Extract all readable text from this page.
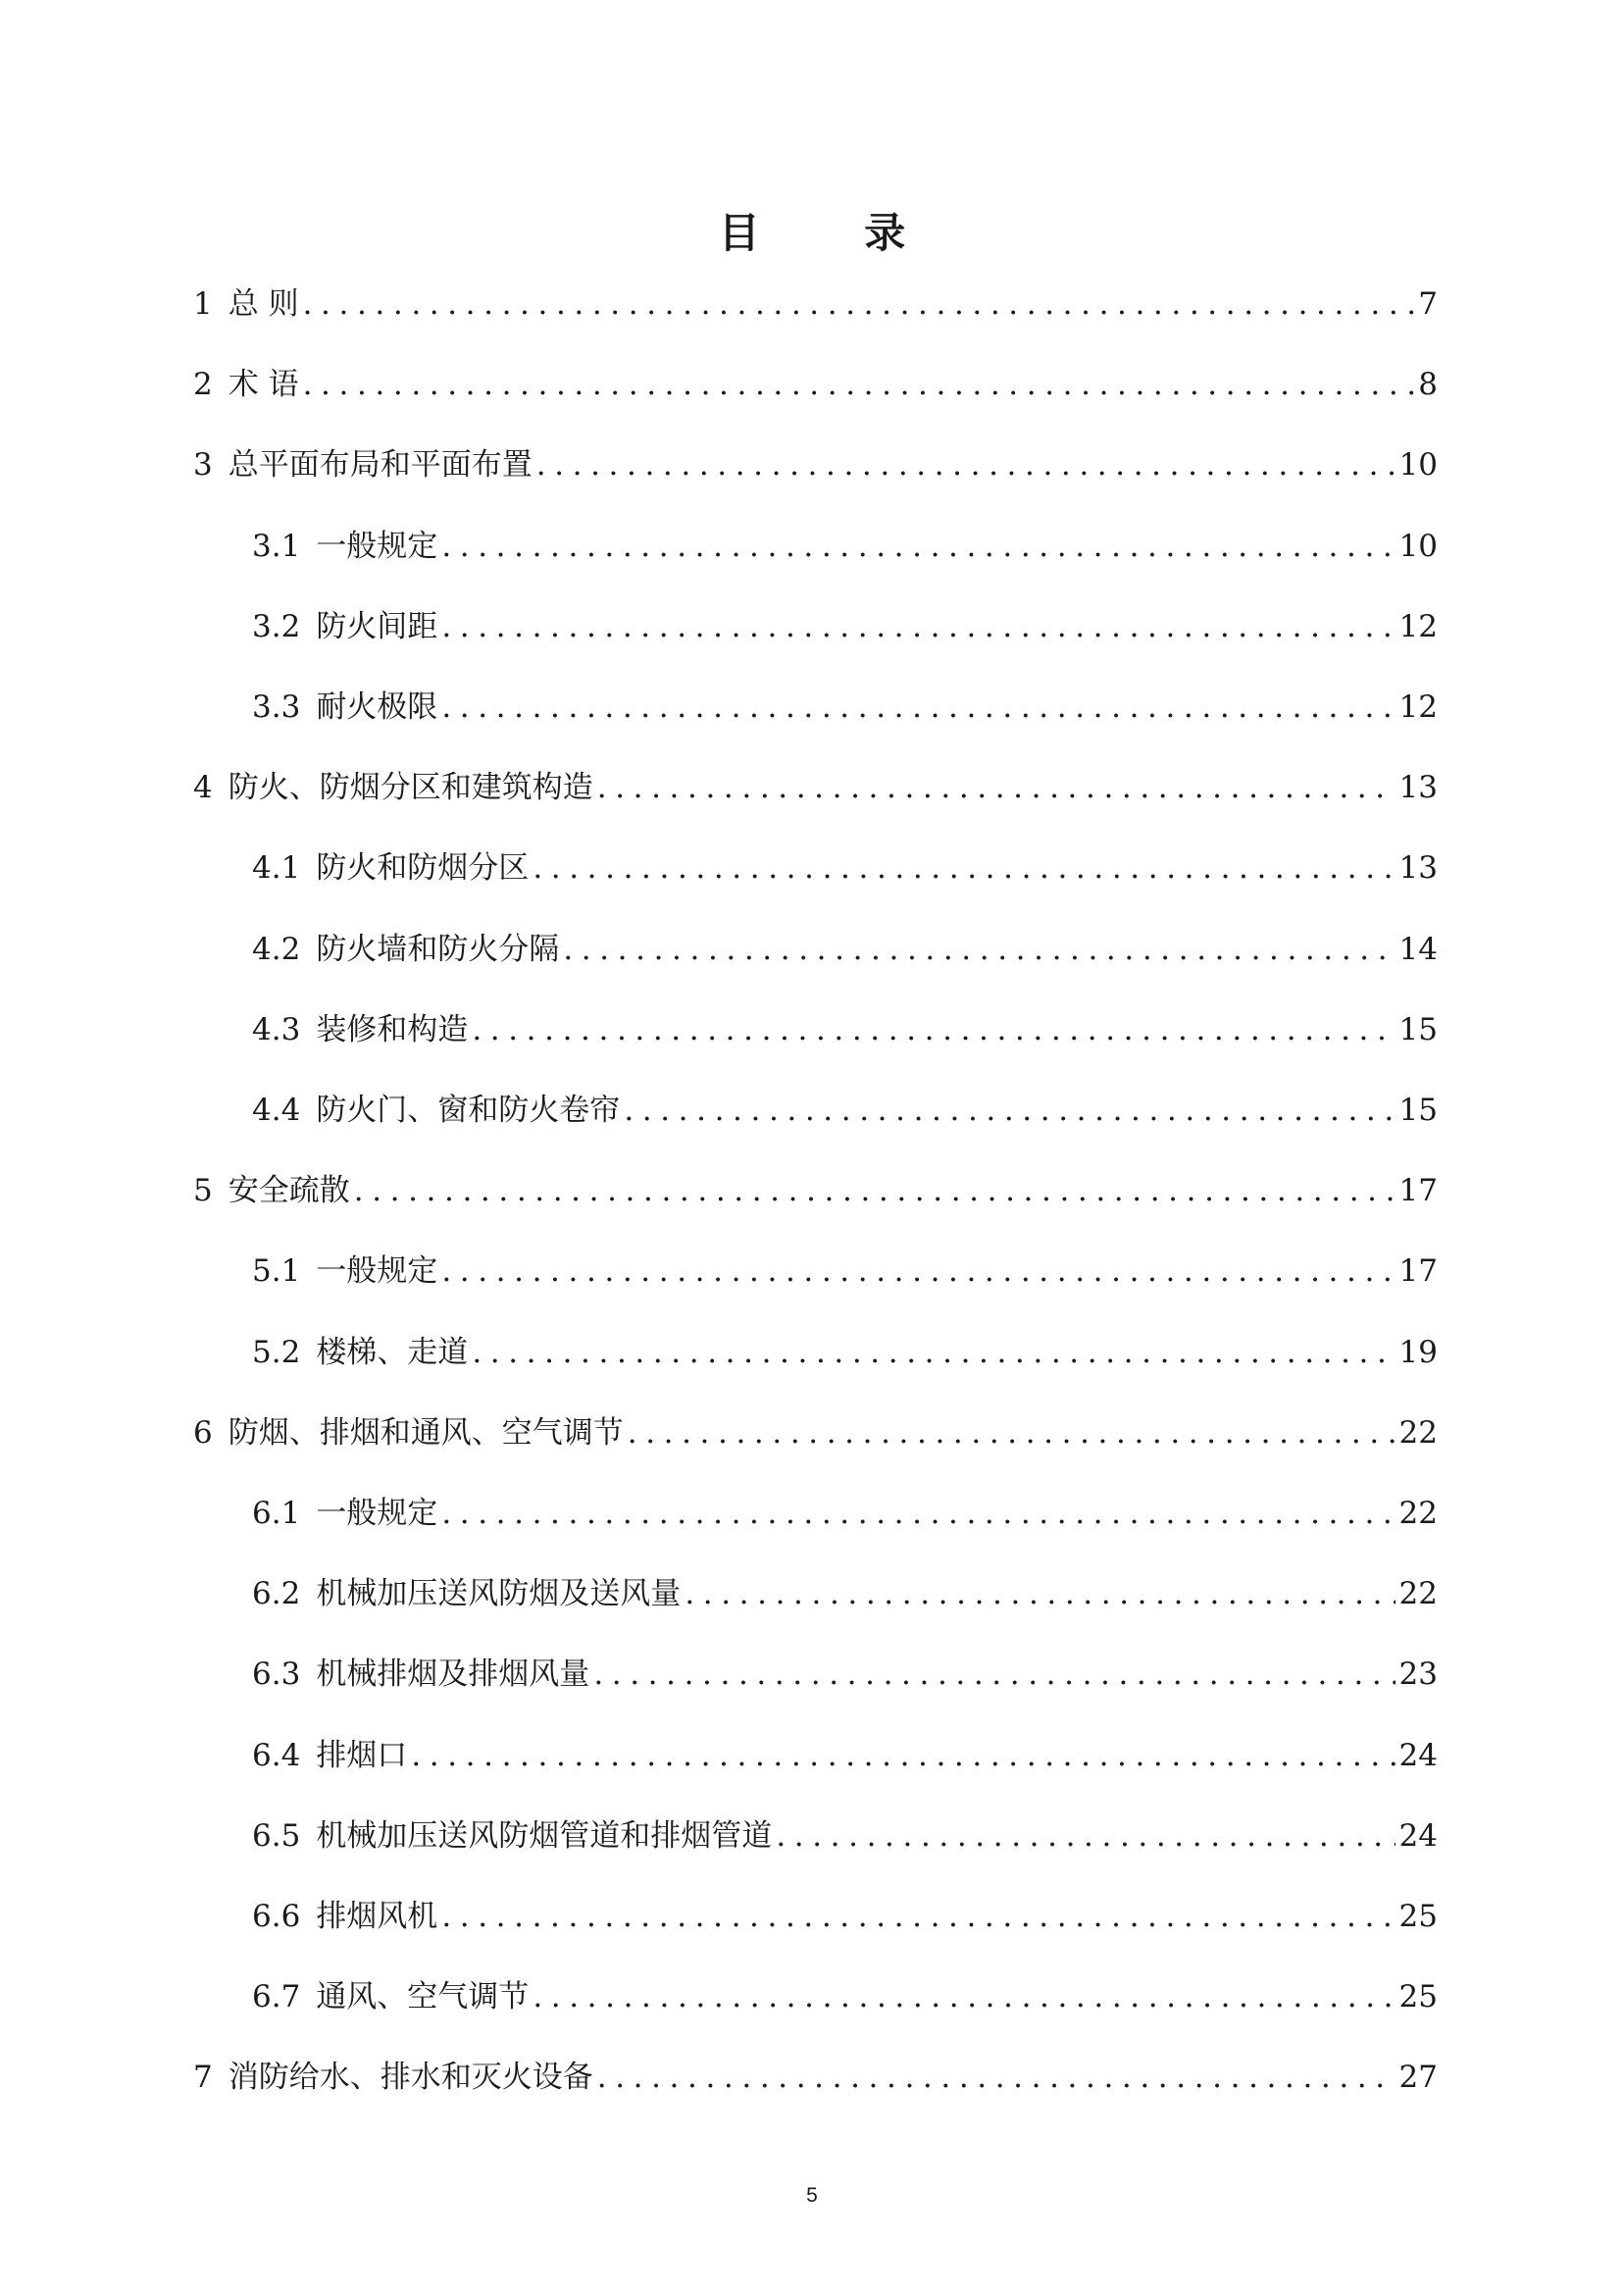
目 录
1 总 则 .....	7
2 术 语 .....	8
3 总平面布局和平面布置 .....	10
3.1 一般规定 .....	10
3.2 防火间距 .....	12
3.3 耐火极限 .....	12
4 防火、防烟分区和建筑构造 .....	13
4.1 防火和防烟分区 .....	13
4.2 防火墙和防火分隔 .....	14
4.3 装修和构造 .....	15
4.4 防火门、窗和防火卷帘 .....	15
5 安全疏散 .....	17
5.1 一般规定 .....	17
5.2 楼梯、走道 .....	19
6 防烟、排烟和通风、空气调节 .....	22
6.1 一般规定 .....	22
6.2 机械加压送风防烟及送风量 .....	22
6.3 机械排烟及排烟风量 .....	23
6.4 排烟口 .....	24
6.5 机械加压送风防烟管道和排烟管道 .....	24
6.6 排烟风机 .....	25
6.7 通风、空气调节 .....	25
7 消防给水、排水和灭火设备 .....	27
5
